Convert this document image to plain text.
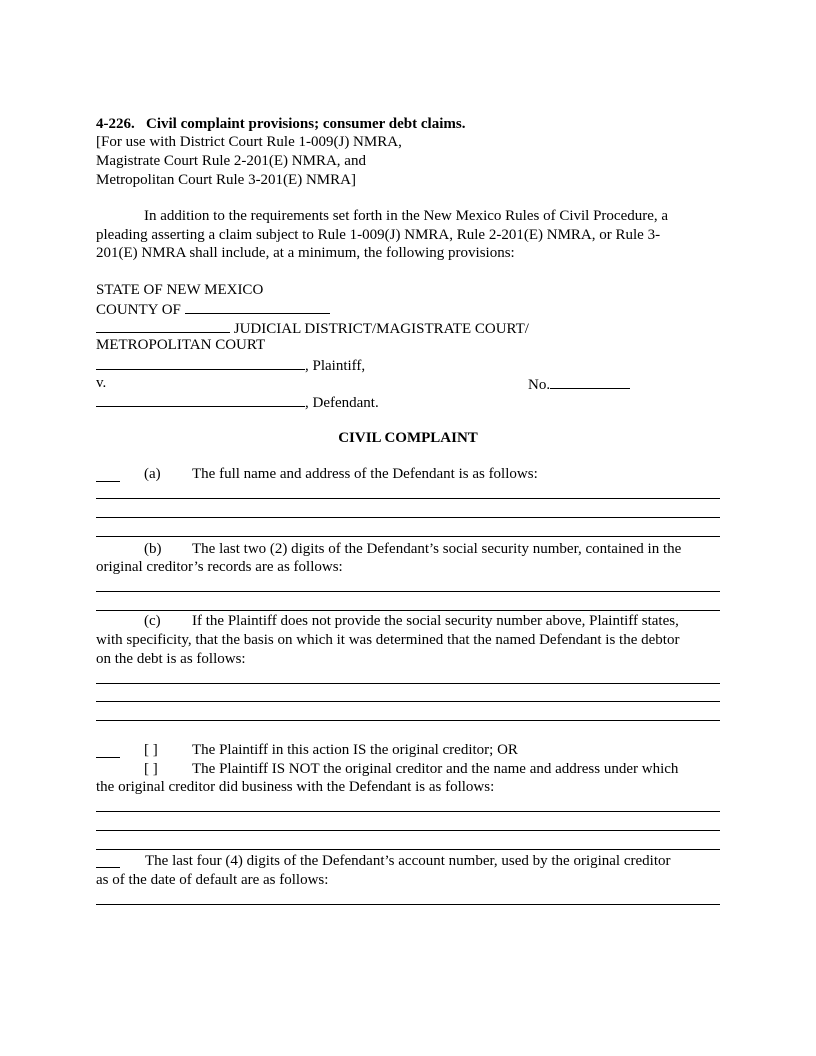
4-226. Civil complaint provisions; consumer debt claims.
[For use with District Court Rule 1-009(J) NMRA,
Magistrate Court Rule 2-201(E) NMRA, and
Metropolitan Court Rule 3-201(E) NMRA]
In addition to the requirements set forth in the New Mexico Rules of Civil Procedure, a
pleading asserting a claim subject to Rule 1-009(J) NMRA, Rule 2-201(E) NMRA, or Rule 3-
201(E) NMRA shall include, at a minimum, the following provisions:
STATE OF NEW MEXICO
COUNTY OF
JUDICIAL DISTRICT/MAGISTRATE COURT/
METROPOLITAN COURT
, Plaintiff,
v.	No.
, Defendant.
CIVIL COMPLAINT
(a) The full name and address of the Defendant is as follows:
(b) The last two (2) digits of the Defendant’s social security number, contained in the
original creditor’s records are as follows:
(c) If the Plaintiff does not provide the social security number above, Plaintiff states,
with specificity, that the basis on which it was determined that the named Defendant is the debtor
on the debt is as follows:
[ ] The Plaintiff in this action IS the original creditor; OR
[ ] The Plaintiff IS NOT the original creditor and the name and address under which
the original creditor did business with the Defendant is as follows:
The last four (4) digits of the Defendant’s account number, used by the original creditor
as of the date of default are as follows:
